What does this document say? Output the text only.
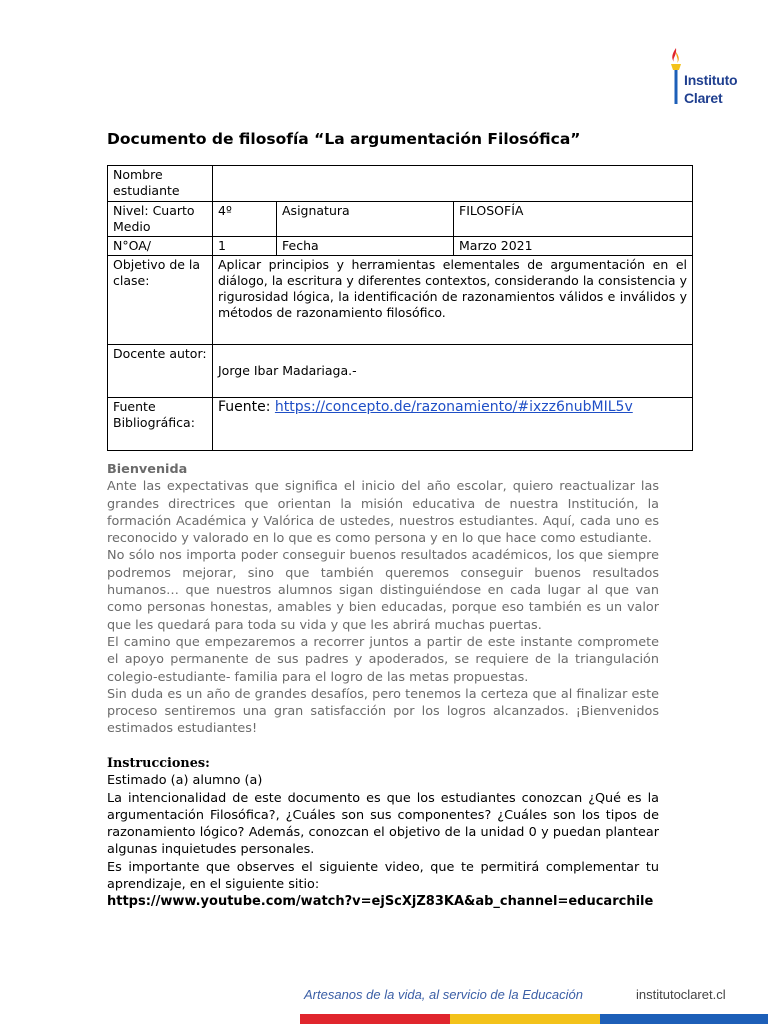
Instituto
Claret
Documento de filosofía “La argumentación Filosófica”
Nombre estudiante			
Nivel: Cuarto Medio	4º	Asignatura	FILOSOFÍA
N°OA/	1	Fecha	Marzo 2021
Objetivo de la clase:	Aplicar principios y herramientas elementales de argumentación en el diálogo, la escritura y diferentes contextos, considerando la consistencia y rigurosidad lógica, la identificación de razonamientos válidos e inválidos y métodos de razonamiento filosófico.		
Docente autor:	Jorge Ibar Madariaga.-		

Fuente Bibliográfica:	Fuente: https://concepto.de/razonamiento/#ixzz6nubMIL5v		

Bienvenida

Ante las expectativas que significa el inicio del año escolar, quiero reactualizar las grandes directrices que orientan la misión educativa de nuestra Institución, la formación Académica y Valórica de ustedes, nuestros estudiantes. Aquí, cada uno es reconocido y valorado en lo que es como persona y en lo que hace como estudiante.

No sólo nos importa poder conseguir buenos resultados académicos, los que siempre podremos mejorar, sino que también queremos conseguir buenos resultados humanos… que nuestros alumnos sigan distinguiéndose en cada lugar al que van como personas honestas, amables y bien educadas, porque eso también es un valor que les quedará para toda su vida y que les abrirá muchas puertas.

El camino que empezaremos a recorrer juntos a partir de este instante compromete el apoyo permanente de sus padres y apoderados, se requiere de la triangulación colegio-estudiante- familia para el logro de las metas propuestas.

Sin duda es un año de grandes desafíos, pero tenemos la certeza que al finalizar este proceso sentiremos una gran satisfacción por los logros alcanzados. ¡Bienvenidos estimados estudiantes!

Instrucciones:

Estimado (a) alumno (a)

La intencionalidad de este documento es que los estudiantes conozcan ¿Qué es la argumentación Filosófica?, ¿Cuáles son sus componentes? ¿Cuáles son los tipos de razonamiento lógico? Además, conozcan el objetivo de la unidad 0 y puedan plantear algunas inquietudes personales.

Es importante que observes el siguiente video, que te permitirá complementar tu aprendizaje, en el siguiente sitio:

https://www.youtube.com/watch?v=ejScXjZ83KA&ab_channel=educarchile

Artesanos de la vida, al servicio de la Educación	institutoclaret.cl
